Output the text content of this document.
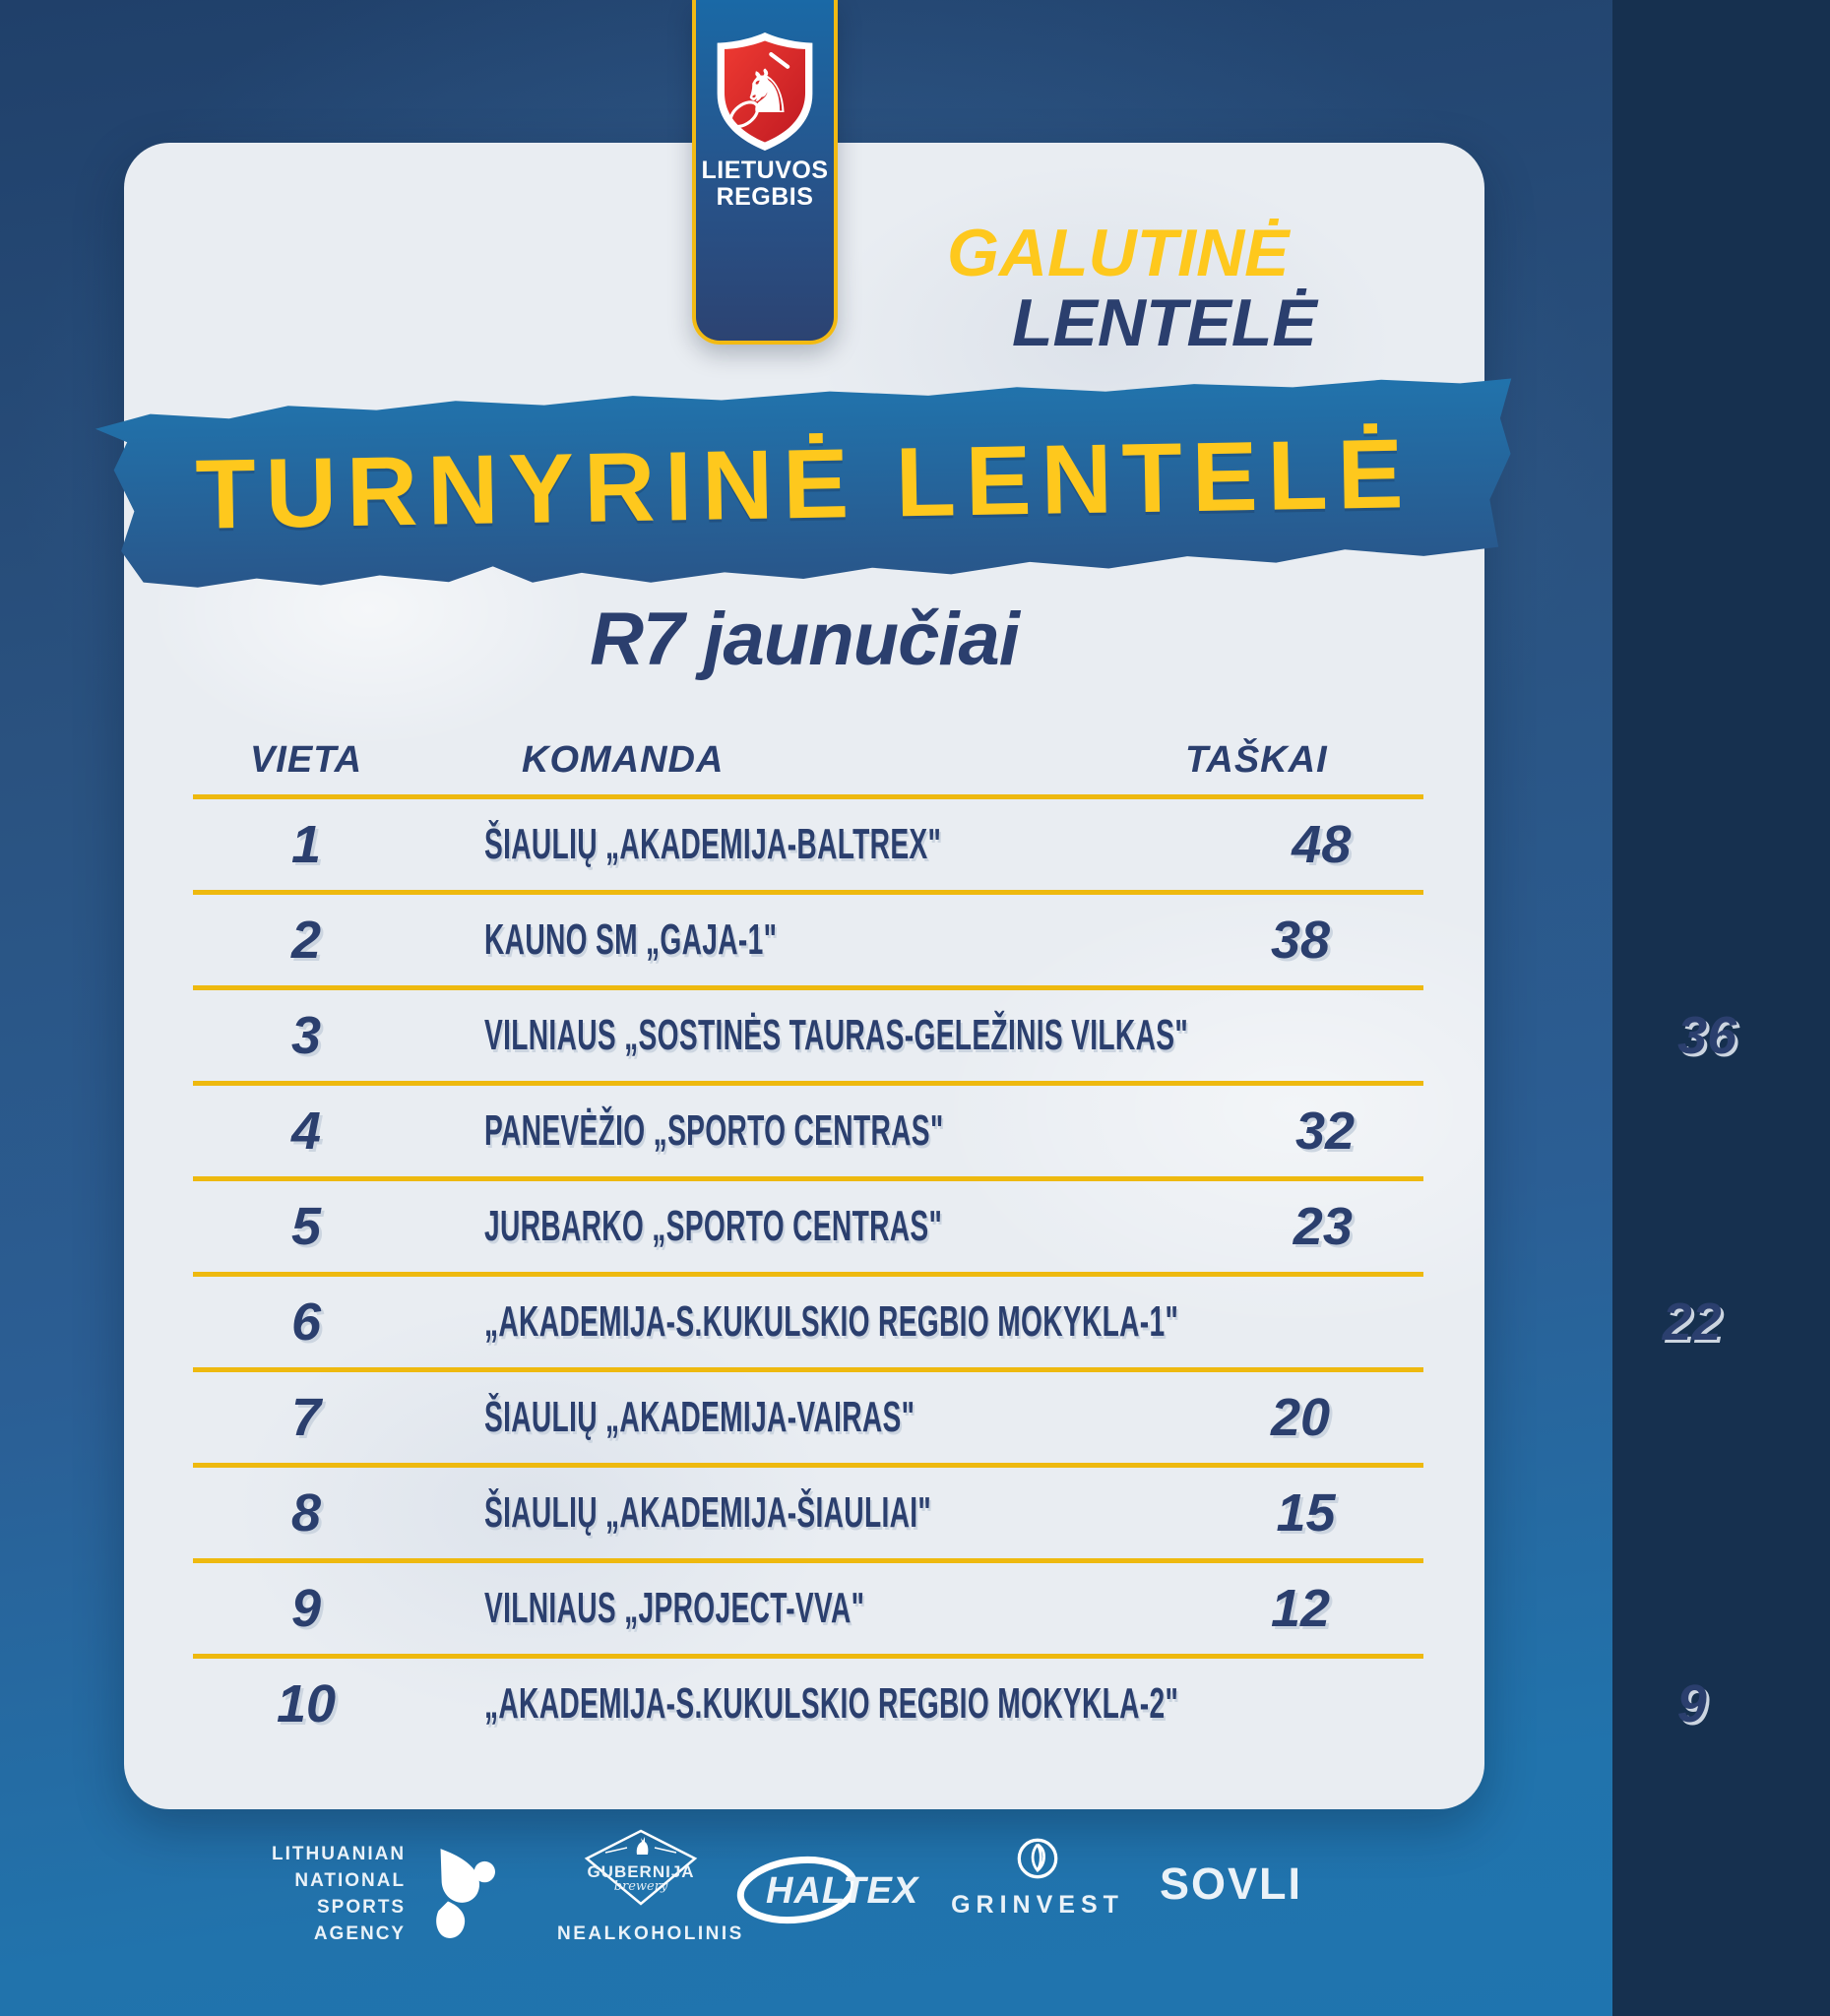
♞
LIETUVOS
REGBIS
GALUTINĖ
LENTELĖ
TURNYRINĖ LENTELĖ
R7 jaunučiai
VIETA	KOMANDA	TAŠKAI
1	ŠIAULIŲ „AKADEMIJA-BALTREX"	48
2	KAUNO SM „GAJA-1"	38
3	VILNIAUS „SOSTINĖS TAURAS-GELEŽINIS VILKAS"	36
4	PANEVĖŽIO „SPORTO CENTRAS"	32
5	JURBARKO „SPORTO CENTRAS"	23
6	„AKADEMIJA-S.KUKULSKIO REGBIO MOKYKLA-1"	22
7	ŠIAULIŲ „AKADEMIJA-VAIRAS"	20
8	ŠIAULIŲ „AKADEMIJA-ŠIAULIAI"	15
9	VILNIAUS „JPROJECT-VVA"	12
10	„AKADEMIJA-S.KUKULSKIO REGBIO MOKYKLA-2"	9
LITHUANIAN
NATIONAL
SPORTS
AGENCY
GUBERNIJA
brewery
NEALKOHOLINIS
HALTEX GRINVEST SOVLI
